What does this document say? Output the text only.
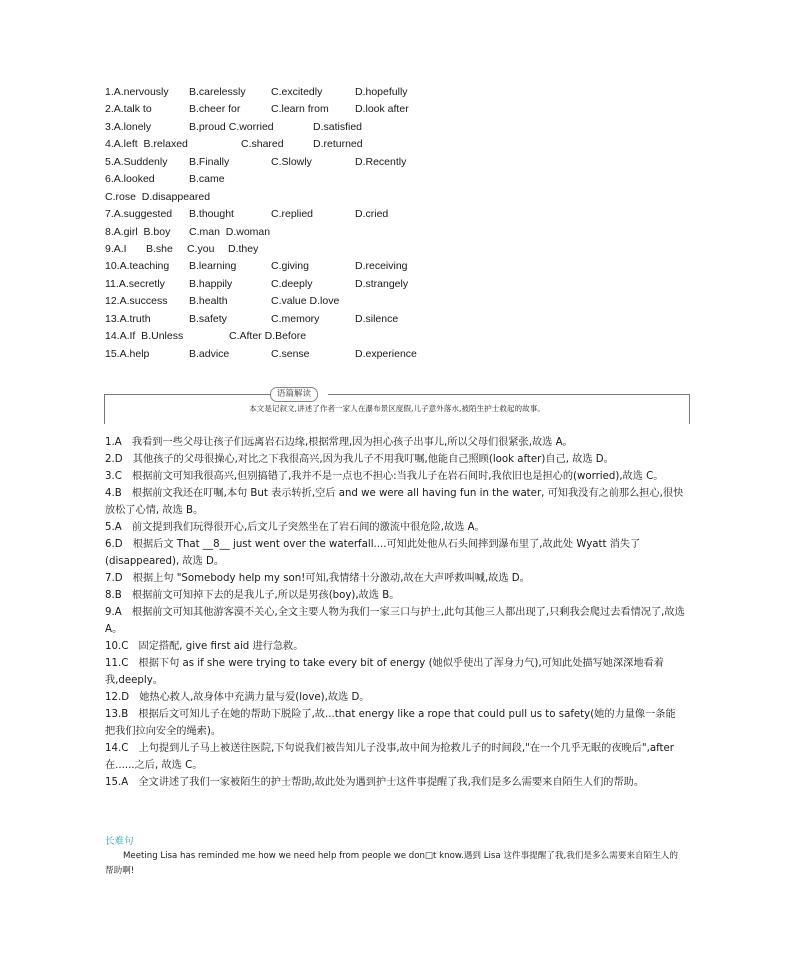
1.A.nervously B.carelessly C.excitedly	D.hopefully
2.A.talk to	B.cheer for	C.learn from D.look after
3.A.lonely	B.proud C.worried	D.satisfied
4.A.left  B.relaxed	C.shared	D.returned
5.A.Suddenly B.Finally	C.Slowly	D.Recently
6.A.looked	B.came
C.rose  D.disappeared
7.A.suggested B.thought	C.replied	D.cried
8.A.girl  B.boy C.man  D.woman
9.A.I B.she C.you D.they
10.A.teaching B.learning	C.giving	D.receiving
11.A.secretly B.happily	C.deeply	D.strangely
12.A.success B.health	C.value D.love
13.A.truth	B.safety	C.memory	D.silence
14.A.If  B.Unless	C.After D.Before
15.A.help	B.advice	C.sense	D.experience
语篇解读
本文是记叙文,讲述了作者一家人在瀑布景区度假,儿子意外落水,被陌生护士救起的故事。

1.A　我看到一些父母让孩子们远离岩石边缘,根据常理,因为担心孩子出事儿,所以父母们很紧张,故选 A。

2.D　其他孩子的父母很操心,对比之下我很高兴,因为我儿子不用我叮嘱,他能自己照顾(look after)自己, 故选 D。

3.C　根据前文可知我很高兴,但别搞错了,我并不是一点也不担心:当我儿子在岩石间时,我依旧也是担心的(worried),故选 C。

4.B　根据前文我还在叮嘱,本句 But 表示转折,空后 and we were all having fun in the water, 可知我没有之前那么担心,很快放松了心情, 故选 B。

5.A　前文提到我们玩得很开心,后文儿子突然坐在了岩石间的激流中很危险,故选 A。

6.D　根据后文 That __8__ just went over the waterfall....可知此处他从石头间摔到瀑布里了,故此处 Wyatt 消失了(disappeared), 故选 D。

7.D　根据上句 "Somebody help my son!可知,我情绪十分激动,故在大声呼救叫喊,故选 D。

8.B　根据前文可知掉下去的是我儿子,所以是男孩(boy),故选 B。

9.A　根据前文可知其他游客漠不关心,全文主要人物为我们一家三口与护士,此句其他三人都出现了,只剩我会爬过去看情况了,故选 A。

10.C　固定搭配, give first aid 进行急救。

11.C　根据下句 as if she were trying to take every bit of energy (她似乎使出了浑身力气),可知此处描写她深深地看着我,deeply。

12.D　她热心救人,故身体中充满力量与爱(love),故选 D。

13.B　根据后文可知儿子在她的帮助下脱险了,故...that energy like a rope that could pull us to safety(她的力量像一条能把我们拉向安全的绳索)。

14.C　上句提到儿子马上被送往医院,下句说我们被告知儿子没事,故中间为抢救儿子的时间段,"在一个几乎无眠的夜晚后",after 在......之后, 故选 C。

15.A　全文讲述了我们一家被陌生的护士帮助,故此处为遇到护士这件事提醒了我,我们是多么需要来自陌生人们的帮助。

长难句
Meeting Lisa has reminded me how we need help from people we don□t know.遇到 Lisa 这件事提醒了我,我们是多么需要来自陌生人的帮助啊!
